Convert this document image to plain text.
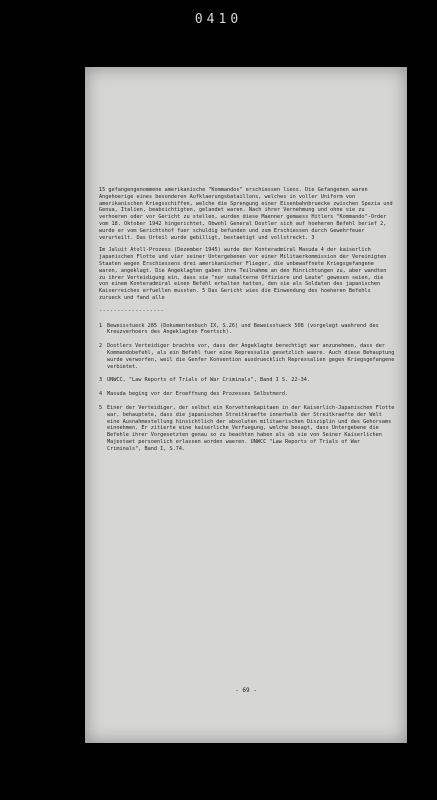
0410

15 gefangengenommene amerikanische "Kommandos" erschiessen liess. Die Gefangenen waren Angehoerige eines besonderen Aufklaerungsbataillons, welches in voller Uniform von amerikanischen Kriegsschiffen, welche die Sprengung einer Eisenbahnbruecke zwischen Spezia und Genua, Italien, beabsichtigten, gelandet waren. Nach ihrer Vernehmung und ohne sie zu verhoeren oder vor Gericht zu stellen, wurden diese Maenner gemaess Hitlers "Kommando"-Order vom 18. Oktober 1942 hingerichtet, Obwohl General Dostler sich auf hoeheren Befehl berief 2, wurde er vom Gerichtshof fuer schuldig befunden und zum Erschiessen durch Gewehrfeuer verurteilt. Das Urteil wurde gebilligt, bestaetigt und vollstreckt. 3

Im Jaluit Atoll-Prozess (Dezember 1945) wurde der Konteradmiral Masuda 4 der kaiserlich japanischen Flotte und vier seiner Untergebenen vor einer Militaerkommission der Vereinigten Staaten wegen Erschiessens drei amerikanischer Flieger, die unbewaffnete Kriegsgefangene waren, angeklagt. Die Angeklagten gaben ihre Teilnahme an den Hinrichtungen zu, aber wandten zu ihrer Verteidigung ein, dass sie "nur subalterne Offiziere und Leute" gewesen seien, die von einem Konteradmiral einen Befehl erhalten hatten, den sie als Soldaten des japanischen Kaiserreiches erfuellen mussten. 5 Das Gericht wies die Einwendung des hoeheren Befehls zurueck und fand alle

------------------
1 Beweisstueck 285 (Dokumentenbuch IX, S.26) und Beweisstueck 508 (vorgelegt waehrend des Kreuzverhoers des Angeklagten Foertsch).
2 Dostlers Verteidiger brachte vor, dass der Angeklagte berechtigt war anzunehmen, dass der Kommandobefehl, als ein Befehl fuer eine Repressalie gesetzlich waere. Auch diese Behauptung wurde verworfen, weil die Genfer Konvention ausdruecklich Repressalien gegen Kriegsgefangene verbietet.
3 UNWCC, "Law Reports of Trials of War Criminals", Band I S. 22-34.
4 Masuda beging vor der Eroeffnung des Prozesses Selbstmord.
5 Einer der Verteidiger, der selbst ein Korvettenkapitaen in der Kaiserlich-Japanischen Flotte war, behauptete, dass die japanischen Streitkraefte innerhalb der Streitkraefte der Welt eine Ausnahmestellung hinsichtlich der absoluten militaerischen Disziplin und des Gehorsams einnehmen. Er zitierte eine kaiserliche Verfuegung, welche besagt, dass Untergebene die Befehle ihrer Vorgesetzten genau so zu beachten haben als ob sie von Seiner Kaiserlichen Majestaet persoenlich erlassen worden waeren. UNWCC "Law Reports of Trials of War Criminals", Band I, S.74.
- 69 -
